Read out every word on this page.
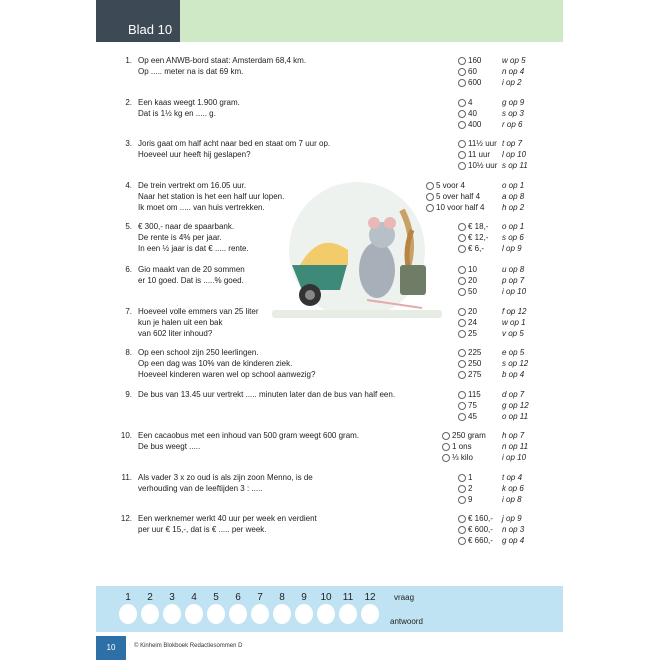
Blad 10
1. Op een ANWB-bord staat: Amsterdam 68,4 km.
Op ..... meter na is dat 69 km.
160	w op 5
60	n op 4
600	i op 2
2. Een kaas weegt 1.900 gram.
Dat is 1½ kg en ..... g.
4	g op 9
40	s op 3
400	r op 6
3. Joris gaat om half acht naar bed en staat om 7 uur op.
Hoeveel uur heeft hij geslapen?
11½ uur t op 7
11 uur l op 10
10½ uur s op 11
4. De trein vertrekt om 16.05 uur.
Naar het station is het een half uur lopen.
Ik moet om ..... van huis vertrekken.
5 voor 4	o op 1
5 over half 4	a op 8
10 voor half 4 h op 2
5. € 300,- naar de spaarbank.
De rente is 4% per jaar.
In een ½ jaar is dat € ..... rente.
€ 18,- o op 1
€ 12,- s op 6
€ 6,- l op 9
6. Gio maakt van de 20 sommen
er 10 goed. Dat is .....% goed.
10	u op 8
20	p op 7
50	i op 10
7. Hoeveel volle emmers van 25 liter
kun je halen uit een bak
van 602 liter inhoud?
20	f op 12
24	w op 1
25	v op 5
8. Op een school zijn 250 leerlingen.
Op een dag was 10% van de kinderen ziek.
Hoeveel kinderen waren wel op school aanwezig?
225	e op 5
250	s op 12
275	b op 4
9. De bus van 13.45 uur vertrekt ..... minuten later dan de bus van half een.	115	d op 7
75	g op 12
45	o op 11
10. Een cacaobus met een inhoud van 500 gram weegt 600 gram.
De bus weegt .....
250 gram h op 7
1 ons	n op 11
⅓ kilo	i op 10
11. Als vader 3 x zo oud is als zijn zoon Menno, is de
verhouding van de leeftijden 3 : .....
1	t op 4
2	k op 6
9	i op 8
12. Een werknemer werkt 40 uur per week en verdient
per uur € 15,-, dat is € ..... per week.
€ 160,- j op 9
€ 600,- n op 3
€ 660,- g op 4
1	2	3	4	5	6	7	8	9	10	11	12	vraag
antwoord
10	© Kinheim Blokboek Redactiesommen D
